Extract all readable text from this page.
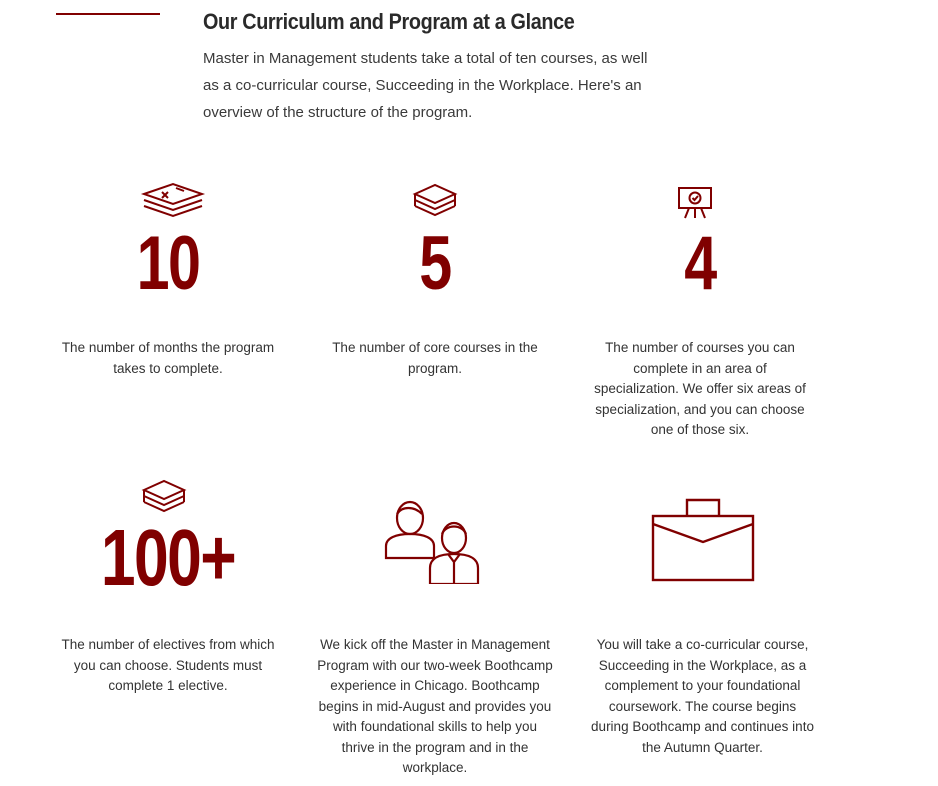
Our Curriculum and Program at a Glance

Master in Management students take a total of ten courses, as well as a co-curricular course, Succeeding in the Workplace. Here's an overview of the structure of the program.

10

The number of months the program takes to complete.

5

The number of core courses in the program.

4

The number of courses you can complete in an area of specialization. We offer six areas of specialization, and you can choose one of those six.

100+

The number of electives from which you can choose. Students must complete 1 elective.

We kick off the Master in Management Program with our two-week Boothcamp experience in Chicago. Boothcamp begins in mid-August and provides you with foundational skills to help you thrive in the program and in the workplace.

You will take a co-curricular course, Succeeding in the Workplace, as a complement to your foundational coursework. The course begins during Boothcamp and continues into the Autumn Quarter.
